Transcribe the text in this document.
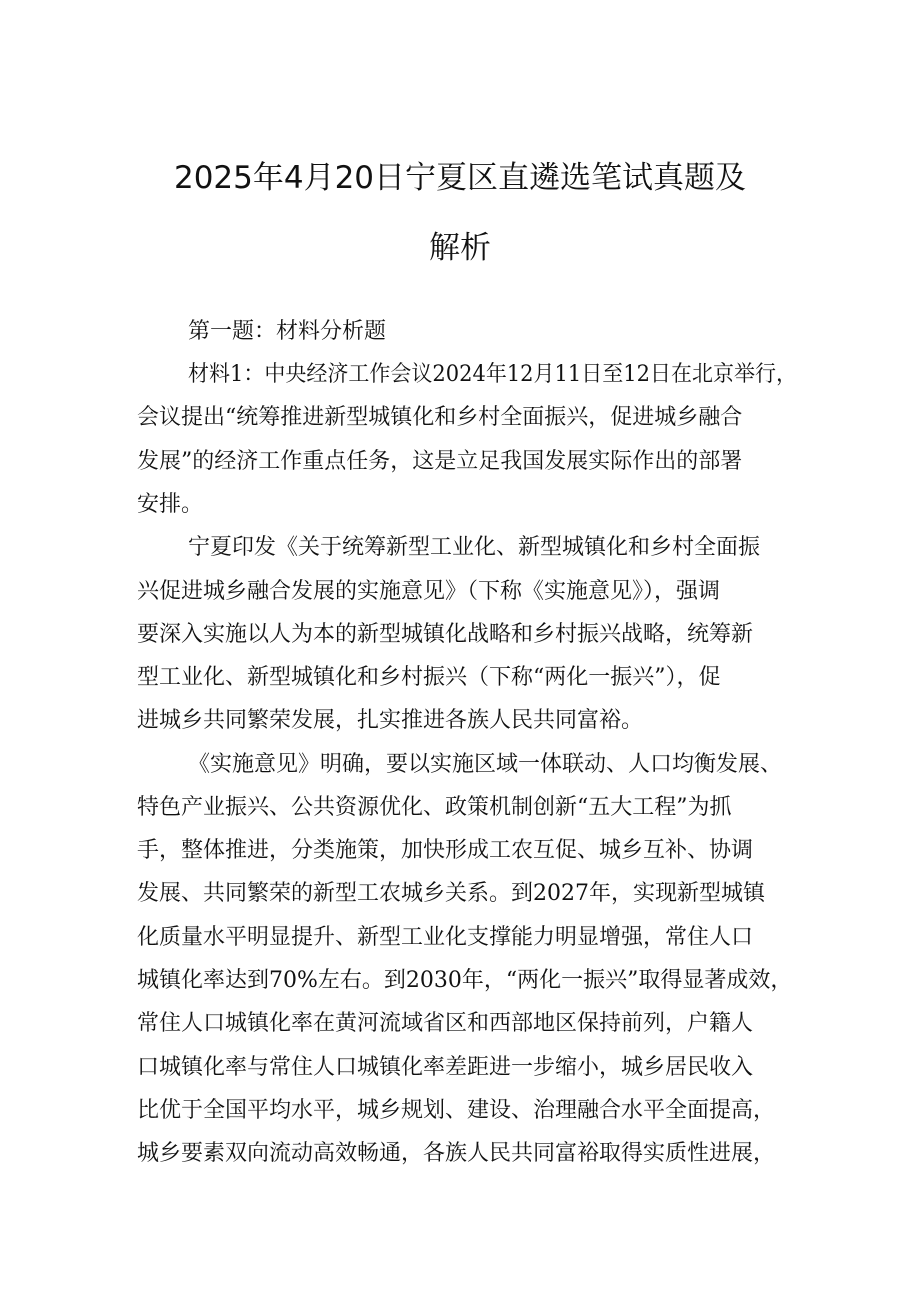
2025年4月20日宁夏区直遴选笔试真题及
解析
第一题：材料分析题
材料1：中央经济工作会议2024年12月11日至12日在北京举行，
会议提出“统筹推进新型城镇化和乡村全面振兴，促进城乡融合
发展”的经济工作重点任务，这是立足我国发展实际作出的部署
安排。
宁夏印发《关于统筹新型工业化、新型城镇化和乡村全面振
兴促进城乡融合发展的实施意见》（下称《实施意见》），强调
要深入实施以人为本的新型城镇化战略和乡村振兴战略，统筹新
型工业化、新型城镇化和乡村振兴（下称“两化一振兴”），促
进城乡共同繁荣发展，扎实推进各族人民共同富裕。
《实施意见》明确，要以实施区域一体联动、人口均衡发展、
特色产业振兴、公共资源优化、政策机制创新“五大工程”为抓
手，整体推进，分类施策，加快形成工农互促、城乡互补、协调
发展、共同繁荣的新型工农城乡关系。到2027年，实现新型城镇
化质量水平明显提升、新型工业化支撑能力明显增强，常住人口
城镇化率达到70%左右。到2030年，“两化一振兴”取得显著成效，
常住人口城镇化率在黄河流域省区和西部地区保持前列，户籍人
口城镇化率与常住人口城镇化率差距进一步缩小，城乡居民收入
比优于全国平均水平，城乡规划、建设、治理融合水平全面提高，
城乡要素双向流动高效畅通，各族人民共同富裕取得实质性进展，
